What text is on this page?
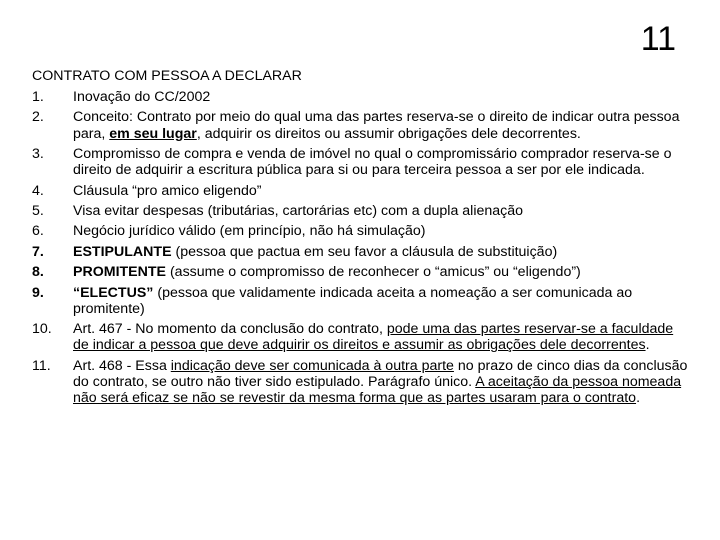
11
CONTRATO COM PESSOA A DECLARAR
1. Inovação do CC/2002
2. Conceito: Contrato por meio do qual uma das partes reserva-se o direito de indicar outra pessoa para, em seu lugar, adquirir os direitos ou assumir obrigações dele decorrentes.
3. Compromisso de compra e venda de imóvel no qual o compromissário comprador reserva-se o direito de adquirir a escritura pública para si ou para terceira pessoa a ser por ele indicada.
4. Cláusula “pro amico eligendo”
5. Visa evitar despesas (tributárias, cartorárias etc) com a dupla alienação
6. Negócio jurídico válido (em princípio, não há simulação)
7. ESTIPULANTE (pessoa que pactua em seu favor a cláusula de substituição)
8. PROMITENTE (assume o compromisso de reconhecer o “amicus” ou “eligendo”)
9. “ELECTUS” (pessoa que validamente indicada aceita a nomeação a ser comunicada ao promitente)
10. Art. 467 - No momento da conclusão do contrato, pode uma das partes reservar-se a faculdade de indicar a pessoa que deve adquirir os direitos e assumir as obrigações dele decorrentes.
11. Art. 468 - Essa indicação deve ser comunicada à outra parte no prazo de cinco dias da conclusão do contrato, se outro não tiver sido estipulado. Parágrafo único. A aceitação da pessoa nomeada não será eficaz se não se revestir da mesma forma que as partes usaram para o contrato.
